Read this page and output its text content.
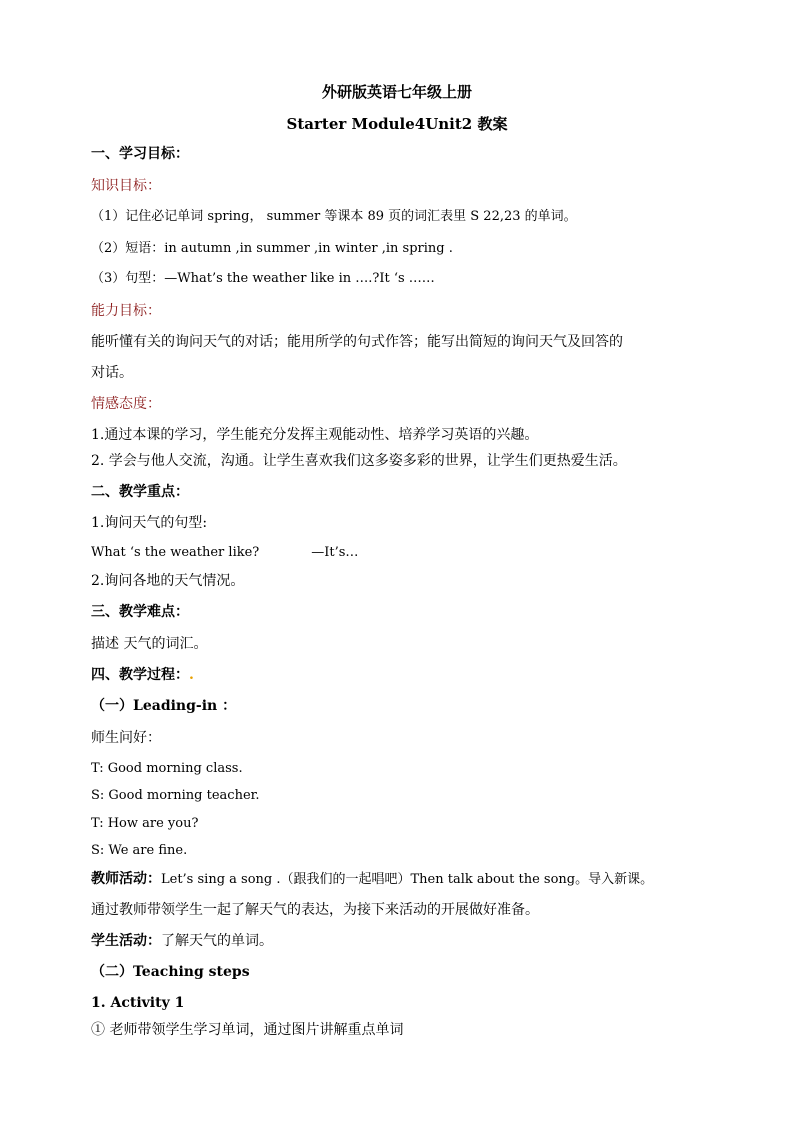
外研版英语七年级上册
Starter Module4Unit2 教案
一、学习目标：
知识目标：
（1）记住必记单词 spring， summer 等课本 89 页的词汇表里 S 22,23 的单词。
（2）短语：in autumn ,in summer ,in winter ,in spring .
（3）句型：—What’s the weather like in ….?It ‘s ……
能力目标：
能听懂有关的询问天气的对话；能用所学的句式作答；能写出简短的询问天气及回答的
对话。
情感态度：
1.通过本课的学习，学生能充分发挥主观能动性、培养学习英语的兴趣。
2. 学会与他人交流，沟通。让学生喜欢我们这多姿多彩的世界，让学生们更热爱生活。
二、教学重点：
1.询问天气的句型:
What ‘s the weather like?	—It’s…
2.询问各地的天气情况。
三、教学难点：
描述 天气的词汇。
四、教学过程：.
（一）Leading-in ：
师生问好：
T: Good morning class.
S: Good morning teacher.
T: How are you?
S: We are fine.
教师活动：Let’s sing a song .（跟我们的一起唱吧）Then talk about the song。导入新课。
通过教师带领学生一起了解天气的表达，为接下来活动的开展做好准备。
学生活动：了解天气的单词。
（二）Teaching steps
1. Activity 1
① 老师带领学生学习单词，通过图片讲解重点单词
